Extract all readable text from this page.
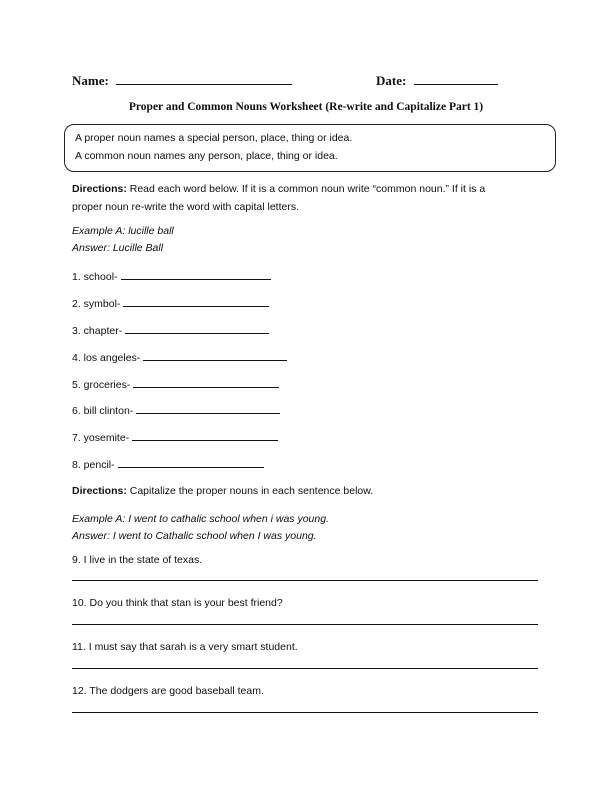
Name:	Date:
Proper and Common Nouns Worksheet (Re-write and Capitalize Part 1)
A proper noun names a special person, place, thing or idea.
A common noun names any person, place, thing or idea.
Directions: Read each word below. If it is a common noun write “common noun.” If it is a
proper noun re-write the word with capital letters.
Example A: lucille ball
Answer: Lucille Ball
1. school-
2. symbol-
3. chapter-
4. los angeles-
5. groceries-
6. bill clinton-
7. yosemite-
8. pencil-
Directions: Capitalize the proper nouns in each sentence below.
Example A: I went to cathalic school when i was young.
Answer: I went to Cathalic school when I was young.
9. I live in the state of texas.
10. Do you think that stan is your best friend?
11. I must say that sarah is a very smart student.
12. The dodgers are good baseball team.
